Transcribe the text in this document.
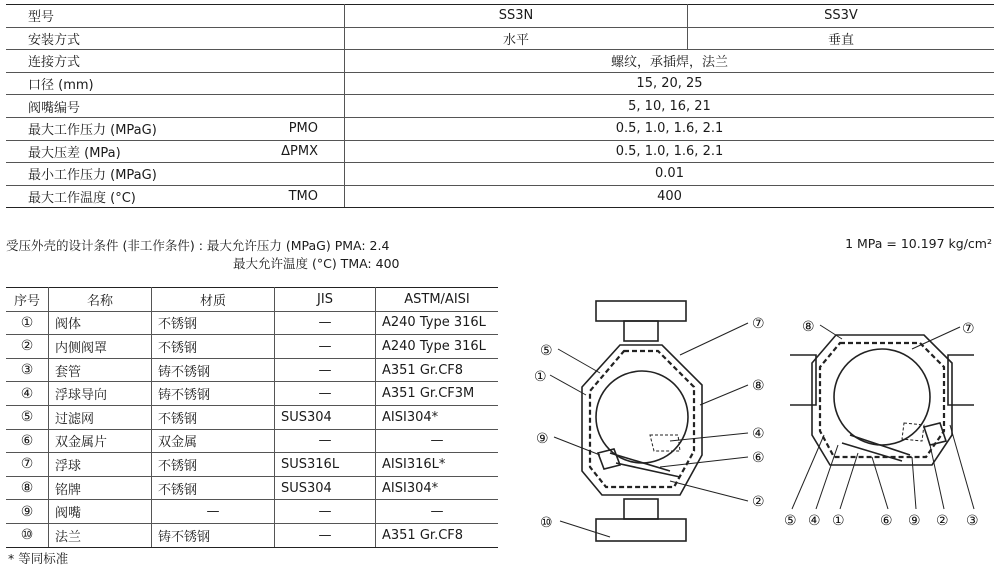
型号	SS3N	SS3V
安装方式	水平	垂直
连接方式	螺纹，承插焊，法兰	
口径 (mm)	15, 20, 25	
阀嘴编号	5, 10, 16, 21	
最大工作压力 (MPaG) PMO	0.5, 1.0, 1.6, 2.1	
最大压差 (MPa) ΔPMX	0.5, 1.0, 1.6, 2.1	
最小工作压力 (MPaG)	0.01	
最大工作温度 (°C) TMO	400	
受压外壳的设计条件 (非工作条件) : 最大允许压力 (MPaG) PMA: 2.4
最大允许温度 (°C) TMA: 400
1 MPa = 10.197 kg/cm²
* 等同标准
序号	名称	材质	JIS	ASTM/AISI
①	阀体	不锈钢	—	A240 Type 316L
②	内侧阀罩	不锈钢	—	A240 Type 316L
③	套管	铸不锈钢	—	A351 Gr.CF8
④	浮球导向	铸不锈钢	—	A351 Gr.CF3M
⑤	过滤网	不锈钢	SUS304	AISI304*
⑥	双金属片	双金属	—	—
⑦	浮球	不锈钢	SUS316L	AISI316L*
⑧	铭牌	不锈钢	SUS304	AISI304*
⑨	阀嘴	—	—	—
⑩	法兰	铸不锈钢	—	A351 Gr.CF8
⑦
⑤
①
⑧
④
⑨
⑥
②
⑩
⑧	⑦
⑤ ④ ①	⑥ ⑨ ② ③
